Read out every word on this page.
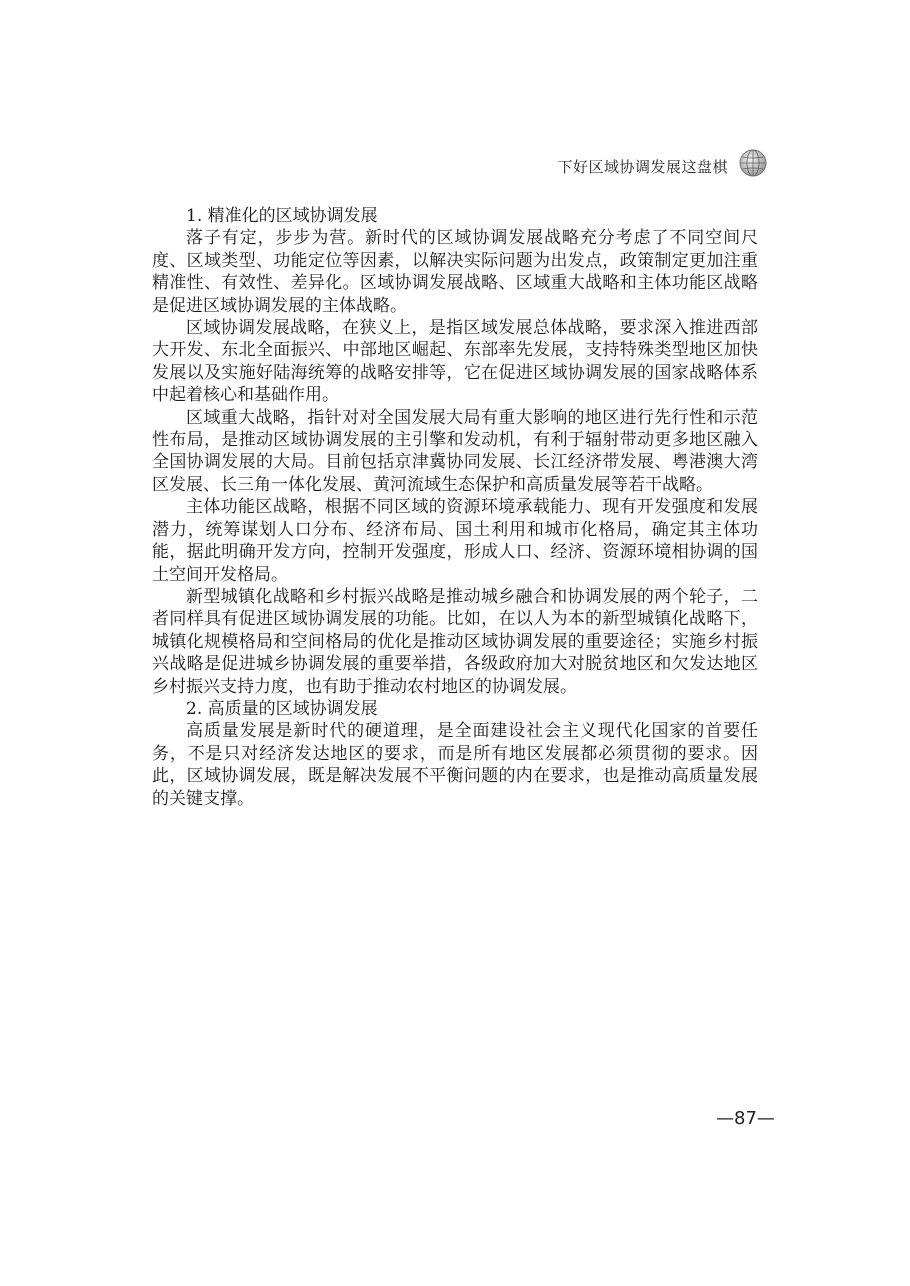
下好区域协调发展这盘棋
1. 精准化的区域协调发展

落子有定，步步为营。新时代的区域协调发展战略充分考虑了不同空间尺度、区域类型、功能定位等因素，以解决实际问题为出发点，政策制定更加注重精准性、有效性、差异化。区域协调发展战略、区域重大战略和主体功能区战略是促进区域协调发展的主体战略。

区域协调发展战略，在狭义上，是指区域发展总体战略，要求深入推进西部大开发、东北全面振兴、中部地区崛起、东部率先发展，支持特殊类型地区加快发展以及实施好陆海统筹的战略安排等，它在促进区域协调发展的国家战略体系中起着核心和基础作用。

区域重大战略，指针对对全国发展大局有重大影响的地区进行先行性和示范性布局，是推动区域协调发展的主引擎和发动机，有利于辐射带动更多地区融入全国协调发展的大局。目前包括京津冀协同发展、长江经济带发展、粤港澳大湾区发展、长三角一体化发展、黄河流域生态保护和高质量发展等若干战略。

主体功能区战略，根据不同区域的资源环境承载能力、现有开发强度和发展潜力，统筹谋划人口分布、经济布局、国土利用和城市化格局，确定其主体功能，据此明确开发方向，控制开发强度，形成人口、经济、资源环境相协调的国土空间开发格局。

新型城镇化战略和乡村振兴战略是推动城乡融合和协调发展的两个轮子，二者同样具有促进区域协调发展的功能。比如，在以人为本的新型城镇化战略下，城镇化规模格局和空间格局的优化是推动区域协调发展的重要途径；实施乡村振兴战略是促进城乡协调发展的重要举措，各级政府加大对脱贫地区和欠发达地区乡村振兴支持力度，也有助于推动农村地区的协调发展。

2. 高质量的区域协调发展

高质量发展是新时代的硬道理，是全面建设社会主义现代化国家的首要任务，不是只对经济发达地区的要求，而是所有地区发展都必须贯彻的要求。因此，区域协调发展，既是解决发展不平衡问题的内在要求，也是推动高质量发展的关键支撑。

—87—
